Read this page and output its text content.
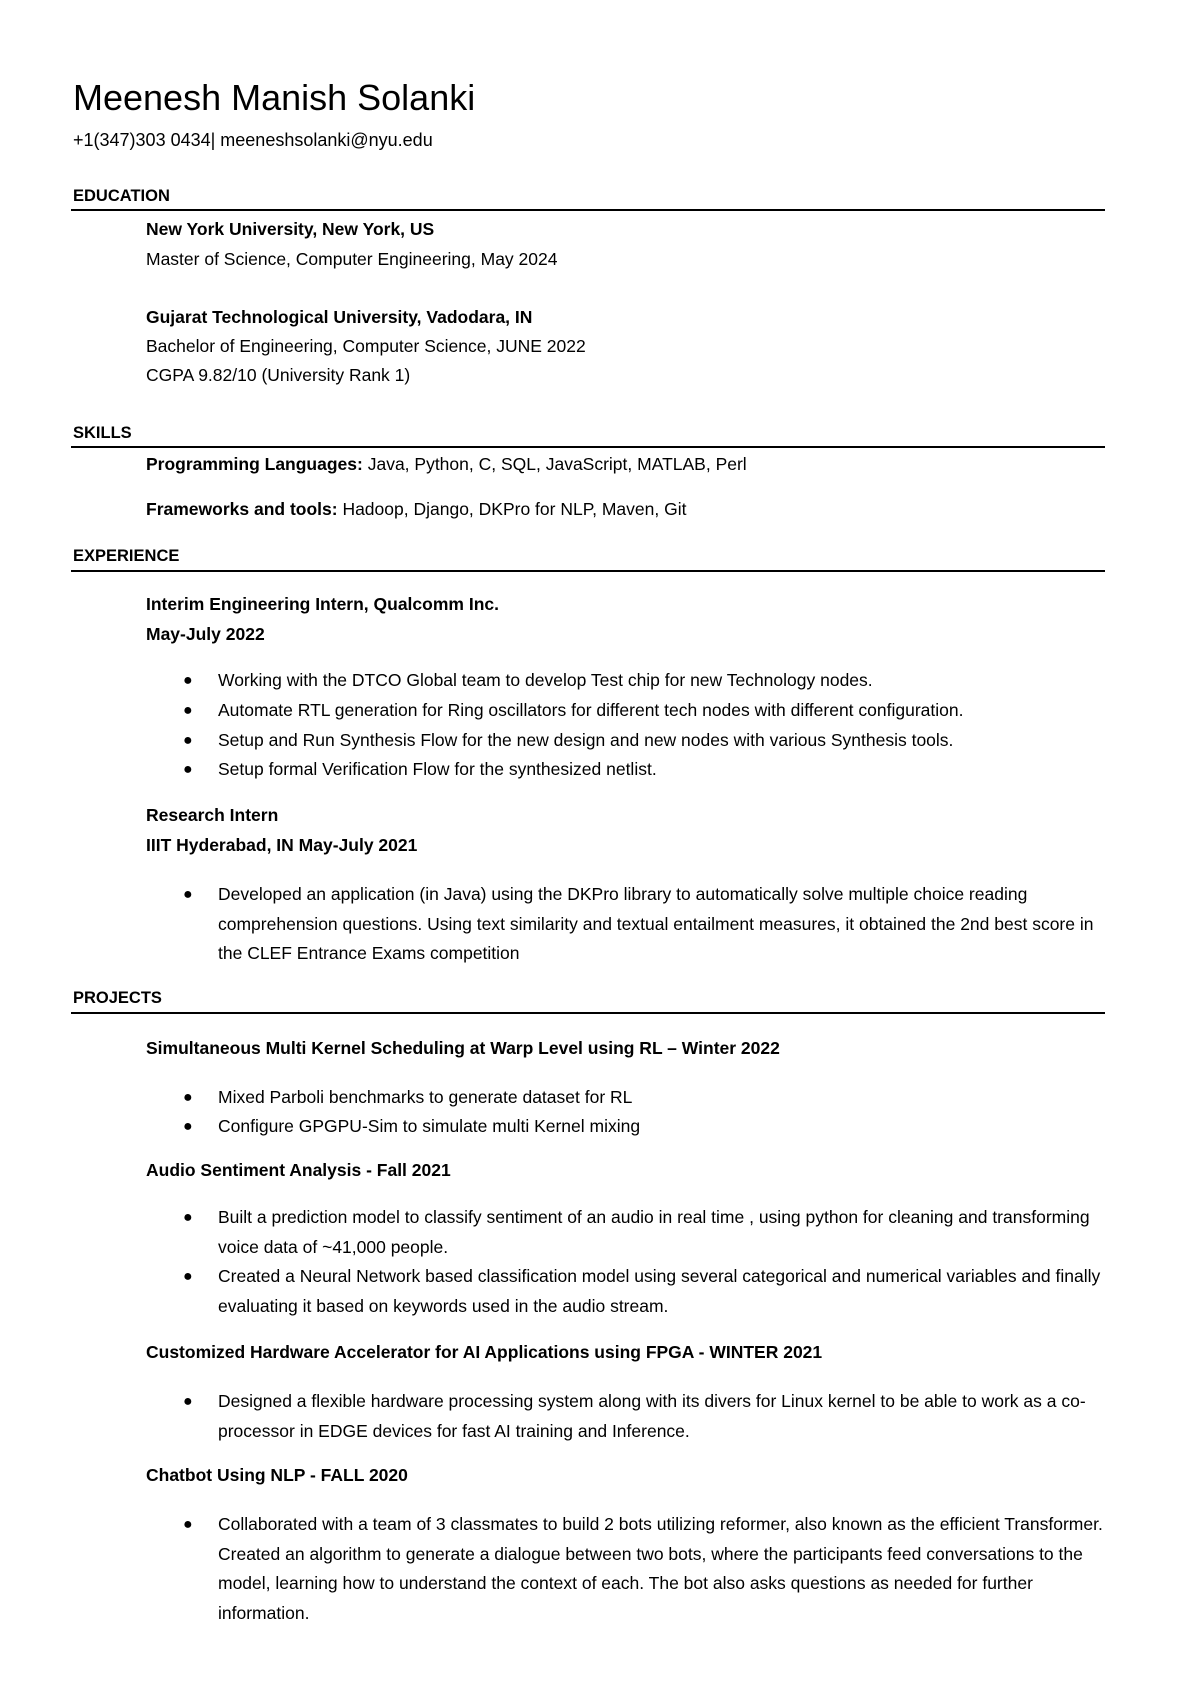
Meenesh Manish Solanki
+1(347)303 0434| meeneshsolanki@nyu.edu
EDUCATION
New York University, New York, US
Master of Science, Computer Engineering, May 2024
Gujarat Technological University, Vadodara, IN
Bachelor of Engineering, Computer Science, JUNE 2022
CGPA 9.82/10 (University Rank 1)
SKILLS
Programming Languages: Java, Python, C, SQL, JavaScript, MATLAB, Perl
Frameworks and tools: Hadoop, Django, DKPro for NLP, Maven, Git
EXPERIENCE
Interim Engineering Intern, Qualcomm Inc.
May-July 2022
● Working with the DTCO Global team to develop Test chip for new Technology nodes.
● Automate RTL generation for Ring oscillators for different tech nodes with different configuration.
● Setup and Run Synthesis Flow for the new design and new nodes with various Synthesis tools.
● Setup formal Verification Flow for the synthesized netlist.
Research Intern
IIIT Hyderabad, IN May-July 2021
● Developed an application (in Java) using the DKPro library to automatically solve multiple choice reading comprehension questions. Using text similarity and textual entailment measures, it obtained the 2nd best score in the CLEF Entrance Exams competition
PROJECTS
Simultaneous Multi Kernel Scheduling at Warp Level using RL – Winter 2022
● Mixed Parboli benchmarks to generate dataset for RL
● Configure GPGPU-Sim to simulate multi Kernel mixing
Audio Sentiment Analysis - Fall 2021
● Built a prediction model to classify sentiment of an audio in real time , using python for cleaning and transforming voice data of ~41,000 people.
● Created a Neural Network based classification model using several categorical and numerical variables and finally evaluating it based on keywords used in the audio stream.
Customized Hardware Accelerator for AI Applications using FPGA - WINTER 2021
● Designed a flexible hardware processing system along with its divers for Linux kernel to be able to work as a co-processor in EDGE devices for fast AI training and Inference.
Chatbot Using NLP - FALL 2020
● Collaborated with a team of 3 classmates to build 2 bots utilizing reformer, also known as the efficient Transformer. Created an algorithm to generate a dialogue between two bots, where the participants feed conversations to the model, learning how to understand the context of each. The bot also asks questions as needed for further information.
